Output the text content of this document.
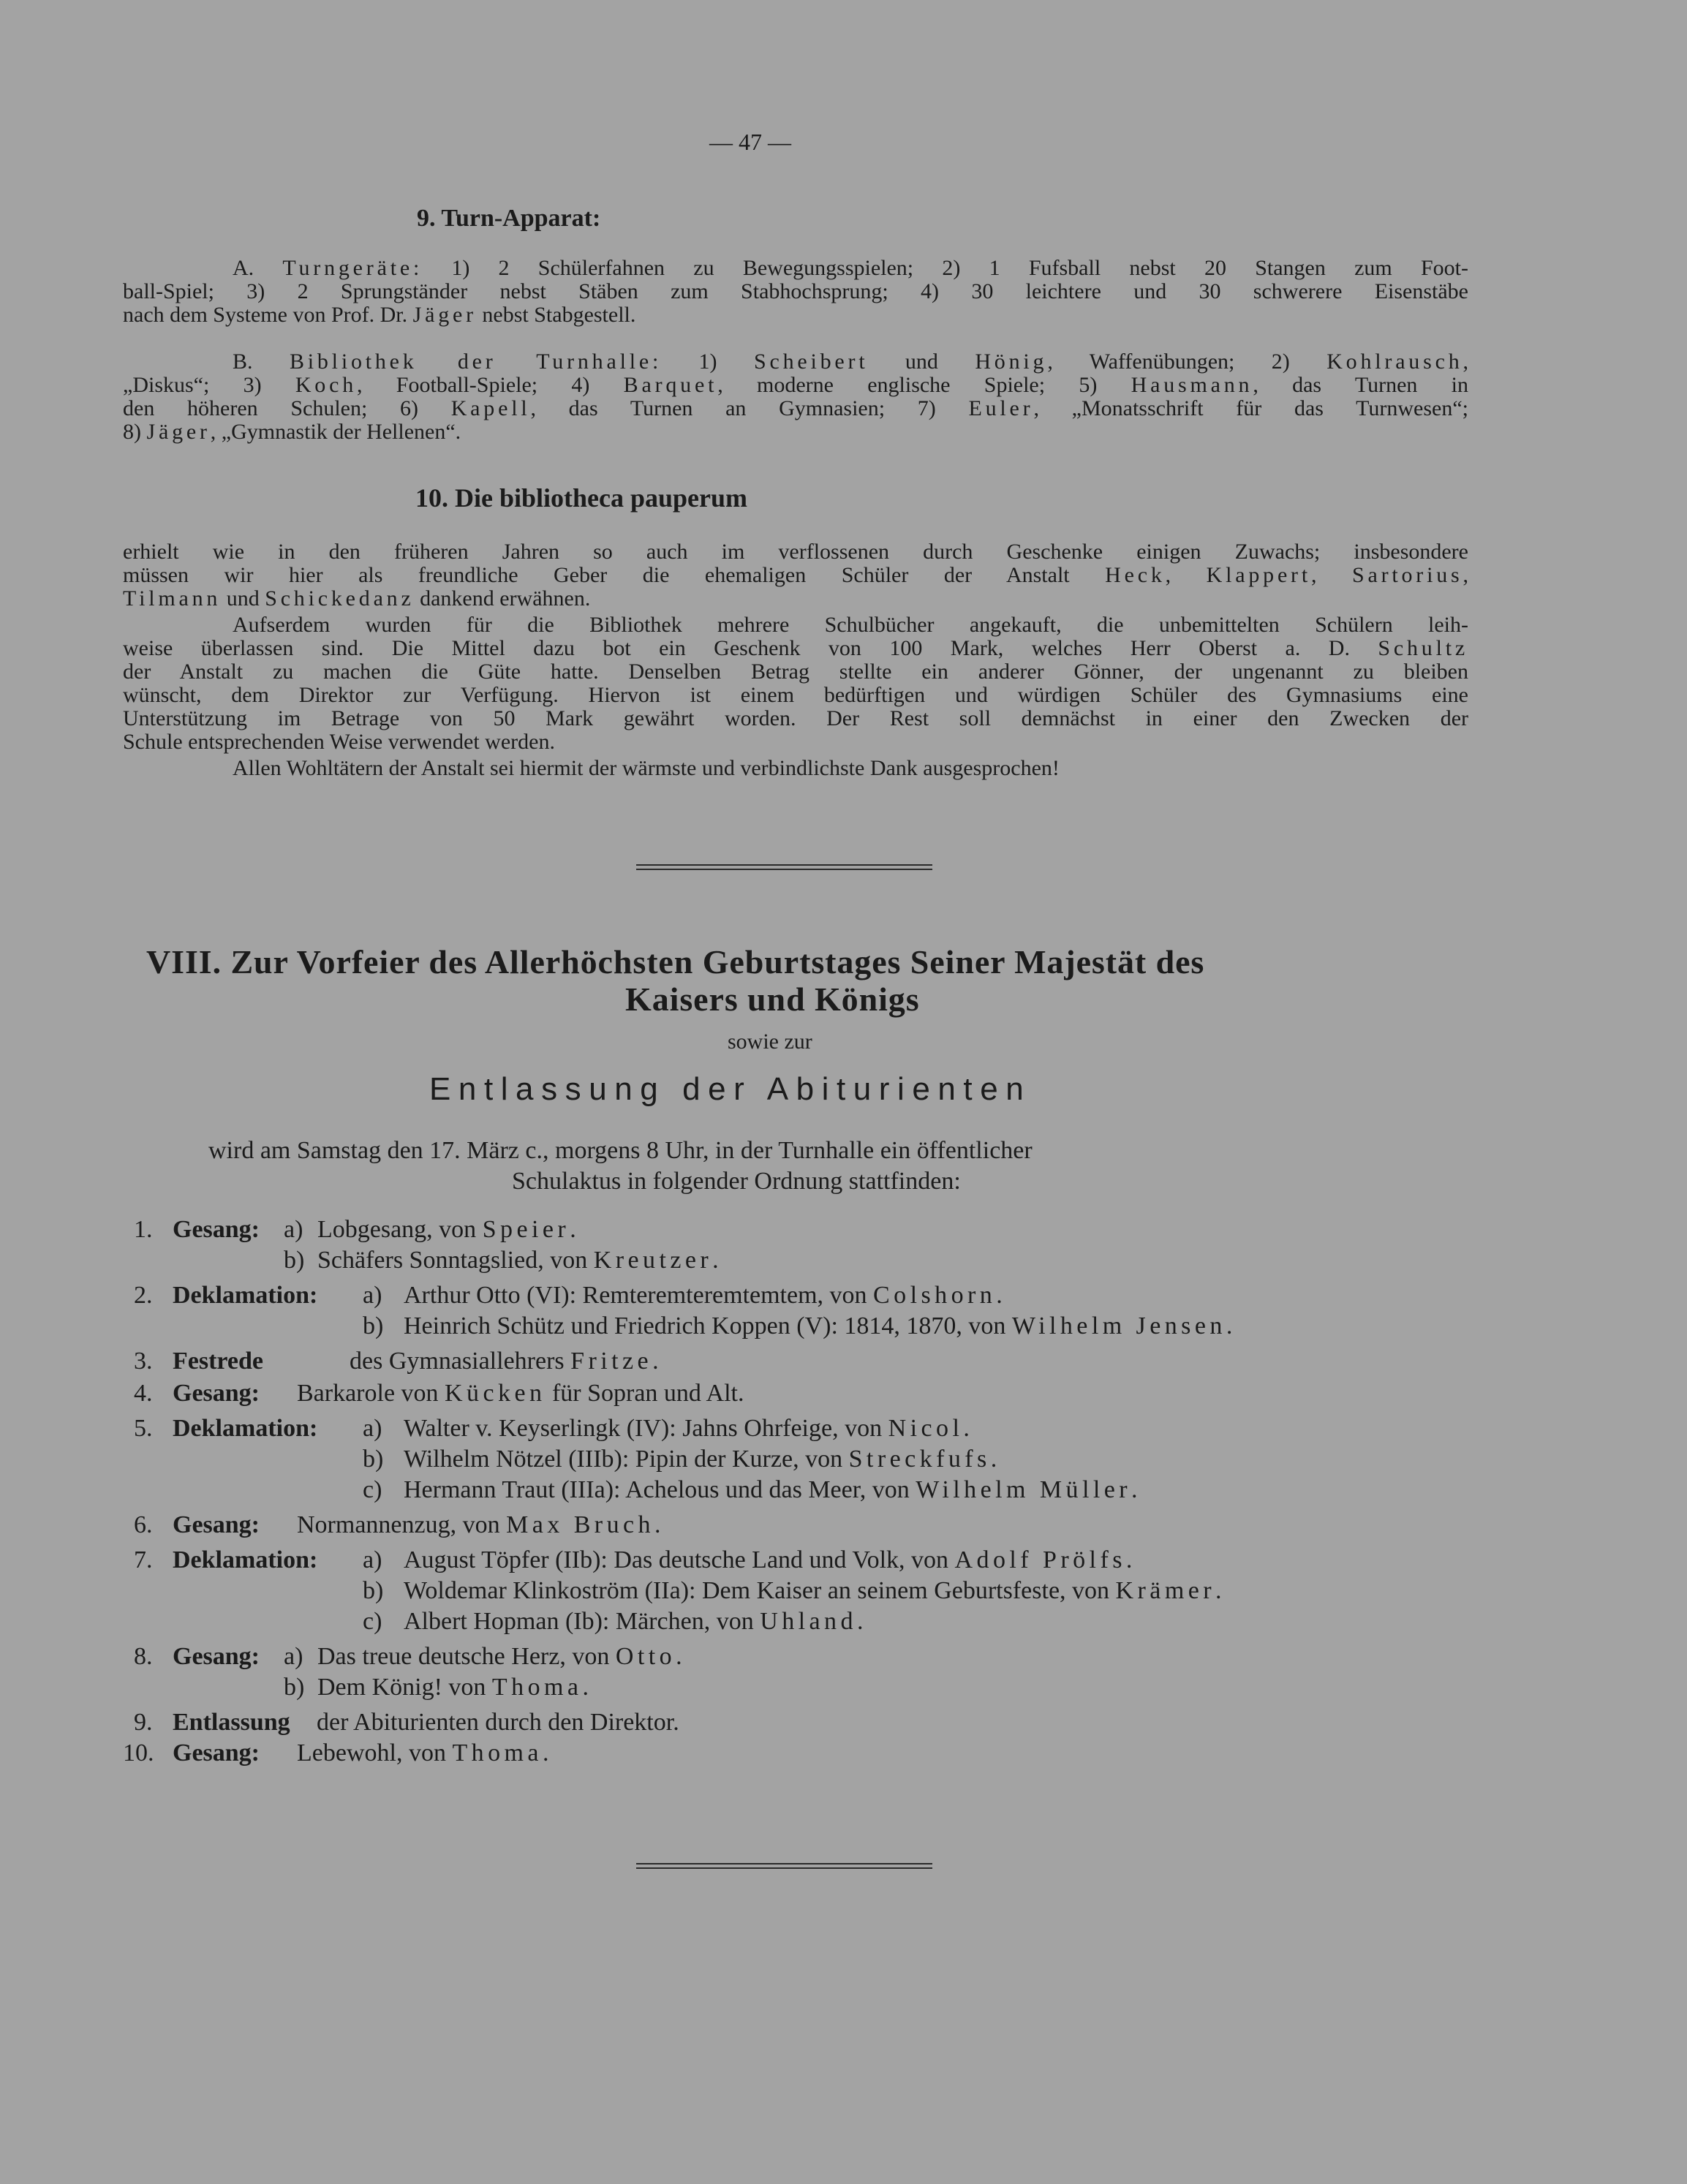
— 47 —
9. Turn-Apparat:
A. Turngeräte: 1) 2 Schülerfahnen zu Bewegungsspielen; 2) 1 Fufsball nebst 20 Stangen zum Foot-
ball-Spiel; 3) 2 Sprungständer nebst Stäben zum Stabhochsprung; 4) 30 leichtere und 30 schwerere Eisenstäbe
nach dem Systeme von Prof. Dr. Jäger nebst Stabgestell.
B. Bibliothek der Turnhalle: 1) Scheibert und Hönig, Waffenübungen; 2) Kohlrausch,
„Diskus“; 3) Koch, Football-Spiele; 4) Barquet, moderne englische Spiele; 5) Hausmann, das Turnen in
den höheren Schulen; 6) Kapell, das Turnen an Gymnasien; 7) Euler, „Monatsschrift für das Turnwesen“;
8) Jäger, „Gymnastik der Hellenen“.
10. Die bibliotheca pauperum
erhielt wie in den früheren Jahren so auch im verflossenen durch Geschenke einigen Zuwachs; insbesondere
müssen wir hier als freundliche Geber die ehemaligen Schüler der Anstalt Heck, Klappert, Sartorius,
Tilmann und Schickedanz dankend erwähnen.
Aufserdem wurden für die Bibliothek mehrere Schulbücher angekauft, die unbemittelten Schülern leih-
weise überlassen sind. Die Mittel dazu bot ein Geschenk von 100 Mark, welches Herr Oberst a. D. Schultz
der Anstalt zu machen die Güte hatte. Denselben Betrag stellte ein anderer Gönner, der ungenannt zu bleiben
wünscht, dem Direktor zur Verfügung. Hiervon ist einem bedürftigen und würdigen Schüler des Gymnasiums eine
Unterstützung im Betrage von 50 Mark gewährt worden. Der Rest soll demnächst in einer den Zwecken der
Schule entsprechenden Weise verwendet werden.
Allen Wohltätern der Anstalt sei hiermit der wärmste und verbindlichste Dank ausgesprochen!
VIII. Zur Vorfeier des Allerhöchsten Geburtstages Seiner Majestät des
Kaisers und Königs
sowie zur
Entlassung der Abiturienten
wird am Samstag den 17. März c., morgens 8 Uhr, in der Turnhalle ein öffentlicher
Schulaktus in folgender Ordnung stattfinden:
1. Gesang: a) Lobgesang, von Speier.
b) Schäfers Sonntagslied, von Kreutzer.
2. Deklamation: a) Arthur Otto (VI): Remteremteremtemtem, von Colshorn.
b) Heinrich Schütz und Friedrich Koppen (V): 1814, 1870, von Wilhelm Jensen.
3. Festrede	des Gymnasiallehrers Fritze.
4. Gesang: Barkarole von Kücken für Sopran und Alt.
5. Deklamation: a) Walter v. Keyserlingk (IV): Jahns Ohrfeige, von Nicol.
b) Wilhelm Nötzel (IIIb): Pipin der Kurze, von Streckfufs.
c) Hermann Traut (IIIa): Achelous und das Meer, von Wilhelm Müller.
6. Gesang: Normannenzug, von Max Bruch.
7. Deklamation: a) August Töpfer (IIb): Das deutsche Land und Volk, von Adolf Prölfs.
b) Woldemar Klinkoström (IIa): Dem Kaiser an seinem Geburtsfeste, von Krämer.
c) Albert Hopman (Ib): Märchen, von Uhland.
8. Gesang: a) Das treue deutsche Herz, von Otto.
b) Dem König! von Thoma.
9. Entlassung der Abiturienten durch den Direktor.
10. Gesang: Lebewohl, von Thoma.
